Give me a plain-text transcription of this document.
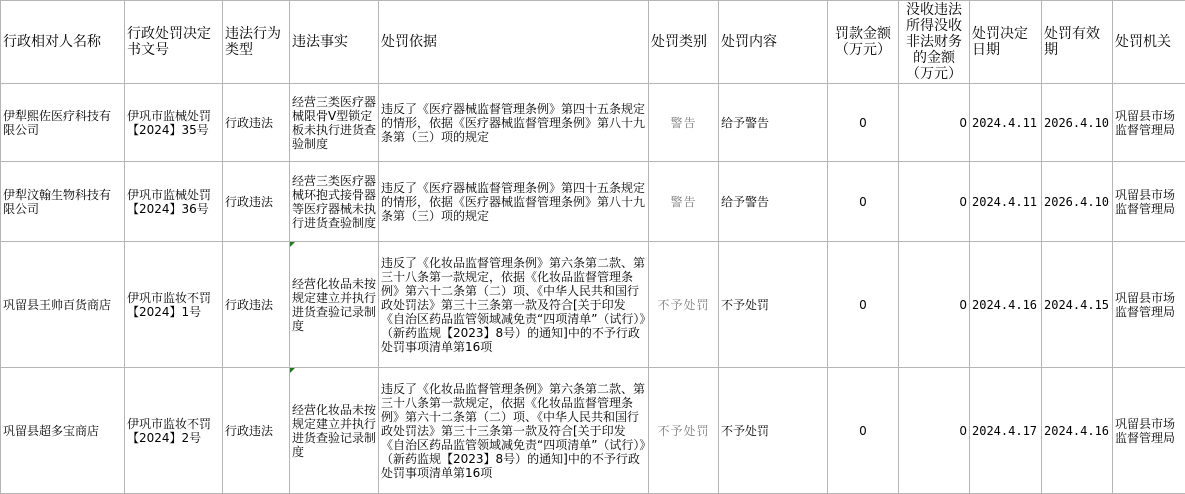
行政相对人名称	行政处罚决定书文号	违法行为类型	违法事实	处罚依据	处罚类别	处罚内容	罚款金额（万元）	没收违法所得没收非法财务的金额（万元）	处罚决定日期	处罚有效期	处罚机关
伊犁熙佐医疗科技有限公司	伊巩市监械处罚【2024】35号	行政违法	经营三类医疗器械限骨V型锁定板未执行进货查验制度	违反了《医疗器械监督管理条例》第四十五条规定的情形，依据《医疗器械监督管理条例》第八十九条第（三）项的规定	警告	给予警告	0	0	2024.4.11	2026.4.10	巩留县市场监督管理局
伊犁汶翰生物科技有限公司	伊巩市监械处罚【2024】36号	行政违法	经营三类医疗器械环抱式接骨器等医疗器械未执行进货查验制度	违反了《医疗器械监督管理条例》第四十五条规定的情形，依据《医疗器械监督管理条例》第八十九条第（三）项的规定	警告	给予警告	0	0	2024.4.11	2026.4.10	巩留县市场监督管理局
巩留县王帅百货商店	伊巩市监妆不罚【2024】1号	行政违法	经营化妆品未按规定建立并执行进货查验记录制度	违反了《化妆品监督管理条例》第六条第二款、第三十八条第一款规定，依据《化妆品监督管理条例》第六十二条第（二）项、《中华人民共和国行政处罚法》第三十三条第一款及符合[关于印发《自治区药品监管领域减免责“四项清单”（试行）》（新药监规【2023】8号）的通知]中的不予行政处罚事项清单第16项	不予处罚	不予处罚	0	0	2024.4.16	2024.4.15	巩留县市场监督管理局
巩留县超多宝商店	伊巩市监妆不罚【2024】2号	行政违法	经营化妆品未按规定建立并执行进货查验记录制度	违反了《化妆品监督管理条例》第六条第二款、第三十八条第一款规定，依据《化妆品监督管理条例》第六十二条第（二）项、《中华人民共和国行政处罚法》第三十三条第一款及符合[关于印发《自治区药品监管领域减免责“四项清单”（试行）》（新药监规【2023】8号）的通知]中的不予行政处罚事项清单第16项	不予处罚	不予处罚	0	0	2024.4.17	2024.4.16	巩留县市场监督管理局
